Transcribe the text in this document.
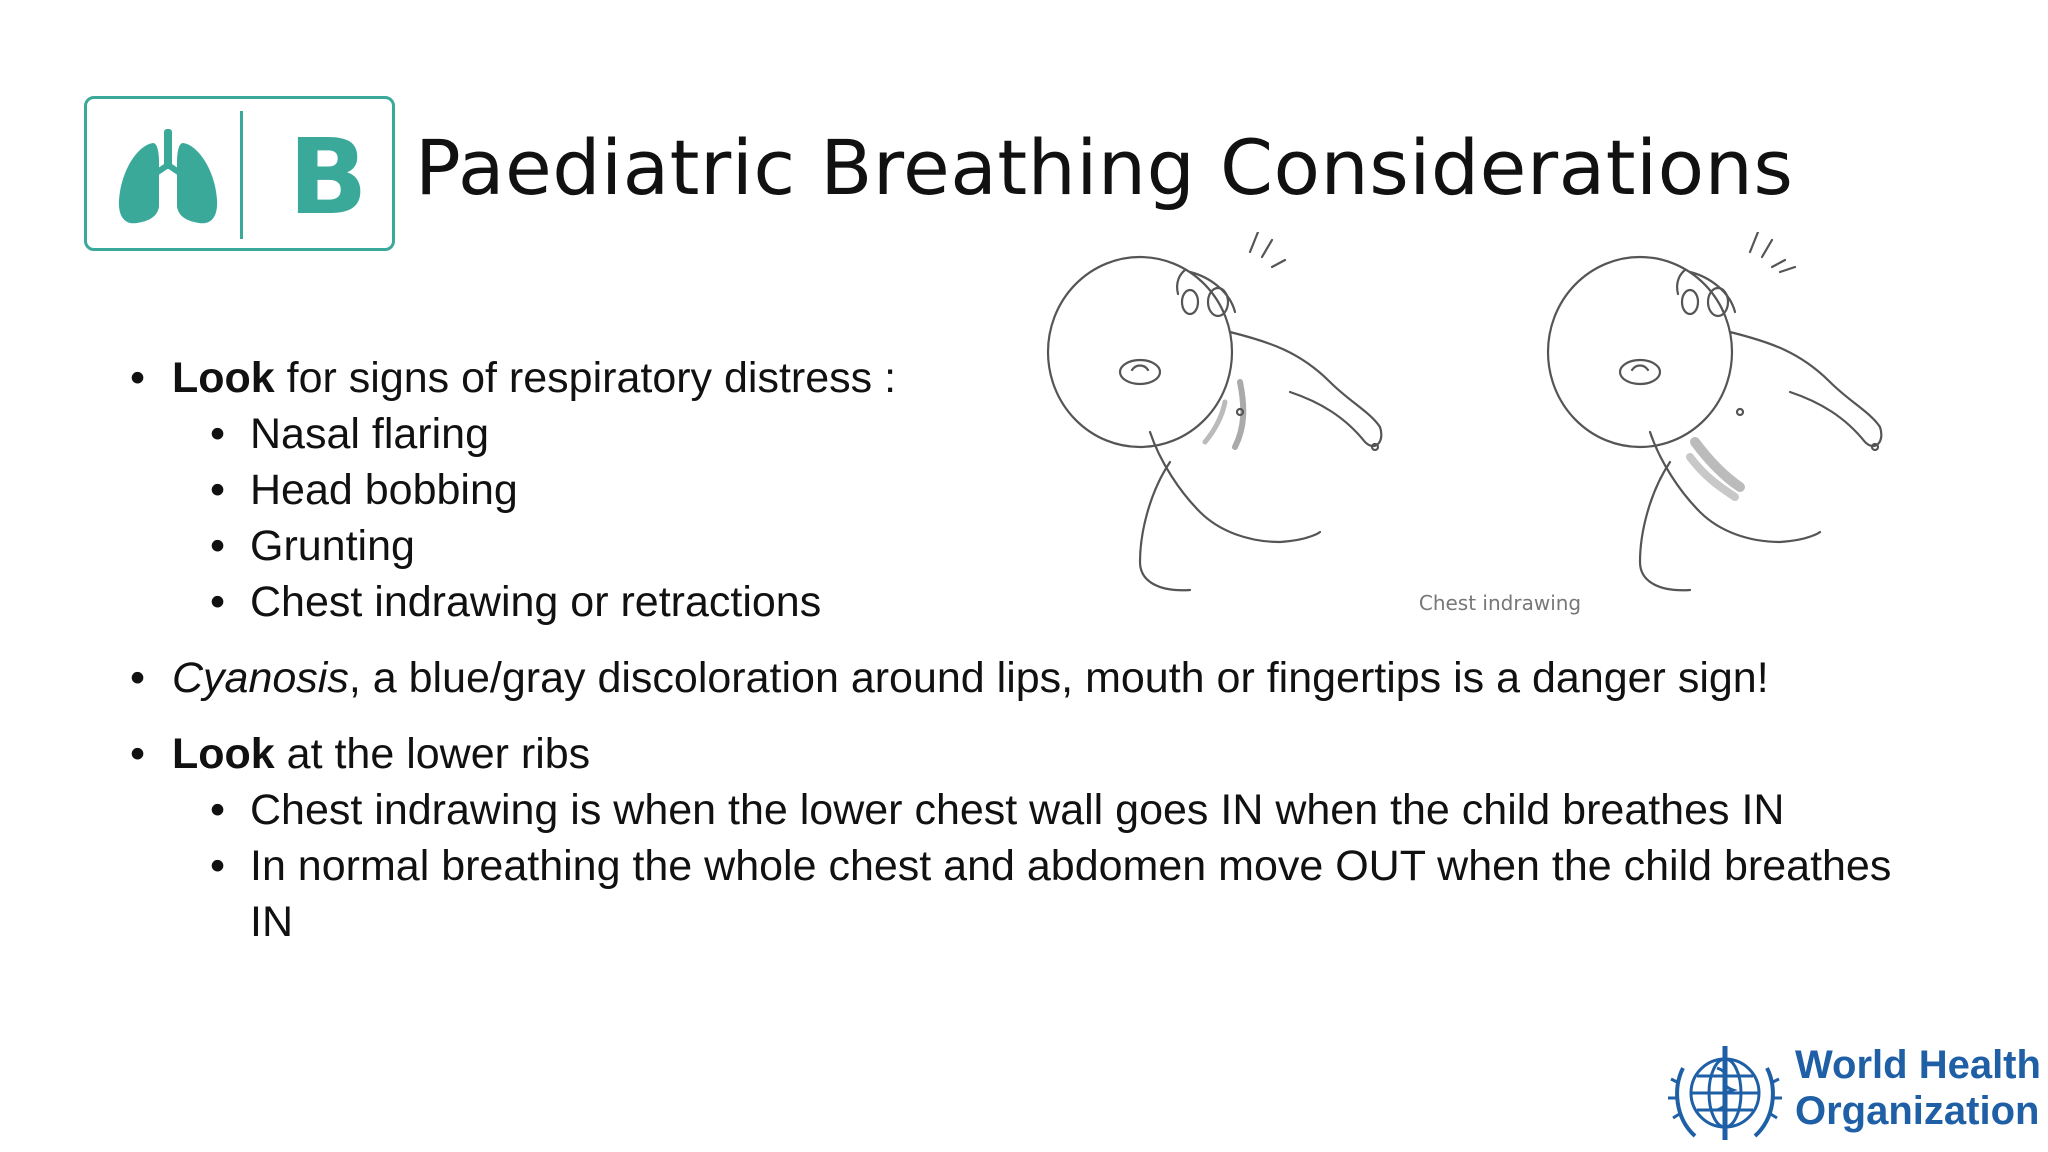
B Paediatric Breathing Considerations
Chest indrawing
• Look for signs of respiratory distress :
• Nasal flaring
• Head bobbing
• Grunting
• Chest indrawing or retractions
• Cyanosis, a blue/gray discoloration around lips, mouth or fingertips is a danger sign!
• Look at the lower ribs
• Chest indrawing is when the lower chest wall goes IN when the child breathes IN
• In normal breathing the whole chest and abdomen move OUT when the child breathes IN
World Health
Organization
